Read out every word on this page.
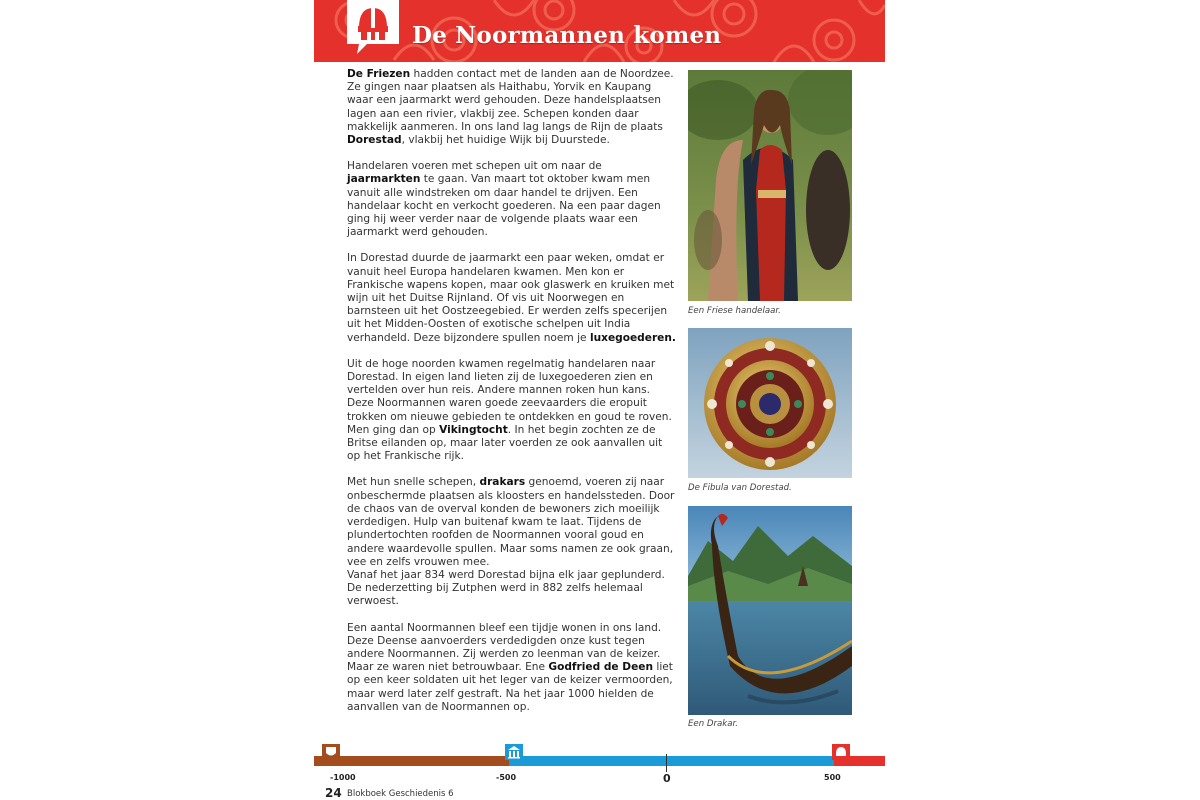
De Noormannen komen

De Friezen hadden contact met de landen aan de Noordzee. Ze gingen naar plaatsen als Haithabu, Yorvik en Kaupang waar een jaarmarkt werd gehouden. Deze handelsplaatsen lagen aan een rivier, vlakbij zee. Schepen konden daar makkelijk aanmeren. In ons land lag langs de Rijn de plaats Dorestad, vlakbij het huidige Wijk bij Duurstede.

Handelaren voeren met schepen uit om naar de jaarmarkten te gaan. Van maart tot oktober kwam men vanuit alle windstreken om daar handel te drijven. Een handelaar kocht en verkocht goederen. Na een paar dagen ging hij weer verder naar de volgende plaats waar een jaarmarkt werd gehouden.

In Dorestad duurde de jaarmarkt een paar weken, omdat er vanuit heel Europa handelaren kwamen. Men kon er Frankische wapens kopen, maar ook glaswerk en kruiken met wijn uit het Duitse Rijnland. Of vis uit Noorwegen en barnsteen uit het Oostzeegebied. Er werden zelfs specerijen uit het Midden-Oosten of exotische schelpen uit India verhandeld. Deze bijzondere spullen noem je luxegoederen.

Uit de hoge noorden kwamen regelmatig handelaren naar Dorestad. In eigen land lieten zij de luxegoederen zien en vertelden over hun reis. Andere mannen roken hun kans. Deze Noormannen waren goede zeevaarders die eropuit trokken om nieuwe gebieden te ontdekken en goud te roven. Men ging dan op Vikingtocht. In het begin zochten ze de Britse eilanden op, maar later voerden ze ook aanvallen uit op het Frankische rijk.

Met hun snelle schepen, drakars genoemd, voeren zij naar onbeschermde plaatsen als kloosters en handelssteden. Door de chaos van de overval konden de bewoners zich moeilijk verdedigen. Hulp van buitenaf kwam te laat. Tijdens de plundertochten roofden de Noormannen vooral goud en andere waardevolle spullen. Maar soms namen ze ook graan, vee en zelfs vrouwen mee.
Vanaf het jaar 834 werd Dorestad bijna elk jaar geplunderd. De nederzetting bij Zutphen werd in 882 zelfs helemaal verwoest.

Een aantal Noormannen bleef een tijdje wonen in ons land. Deze Deense aanvoerders verdedigden onze kust tegen andere Noormannen. Zij werden zo leenman van de keizer. Maar ze waren niet betrouwbaar. Ene Godfried de Deen liet op een keer soldaten uit het leger van de keizer vermoorden, maar werd later zelf gestraft. Na het jaar 1000 hielden de aanvallen van de Noormannen op.

Een Friese handelaar.
De Fibula van Dorestad.
Een Drakar.
-1000	-500	0	500
24 Blokboek Geschiedenis 6
